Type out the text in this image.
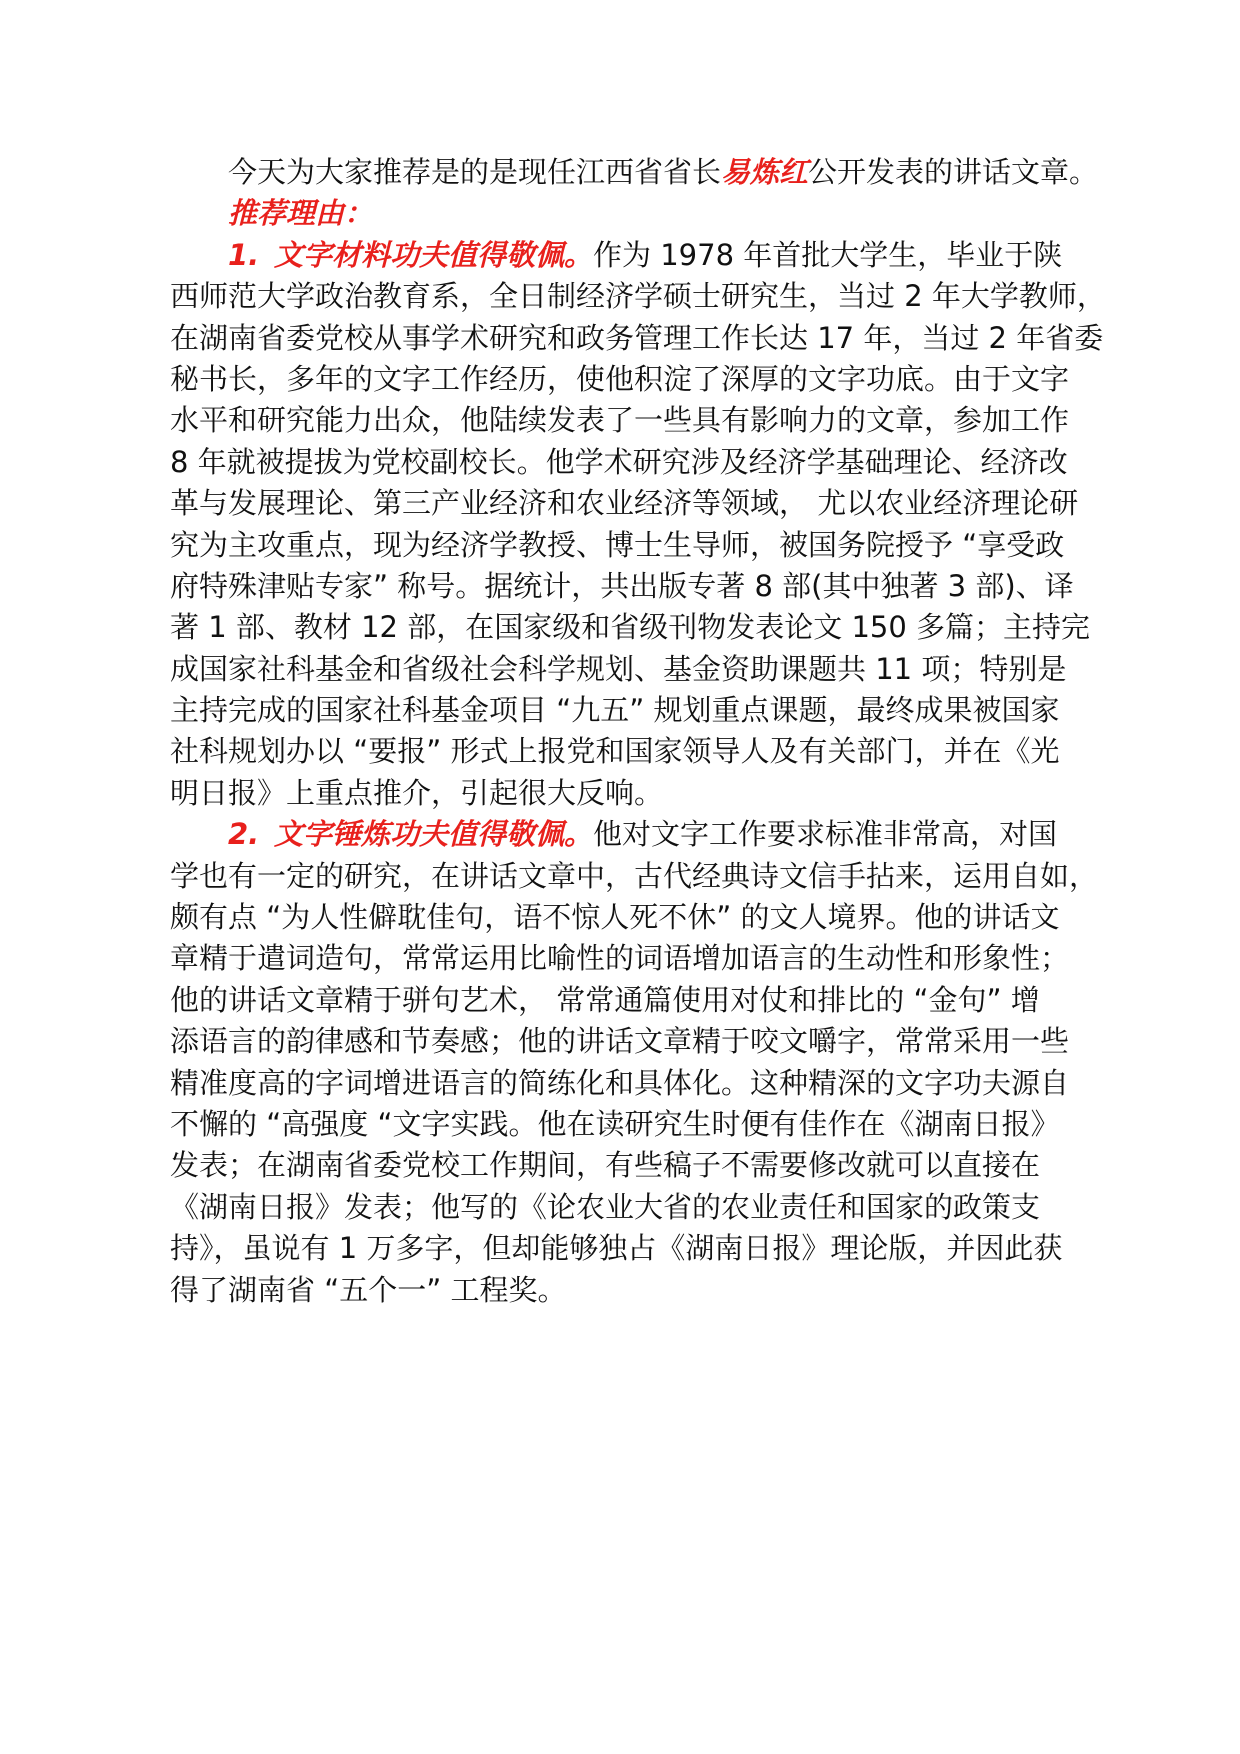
今天为大家推荐是的是现任江西省省长易炼红公开发表的讲话文章。
推荐理由：
1. 文字材料功夫值得敬佩。作为 1978 年首批大学生，毕业于陕
西师范大学政治教育系，全日制经济学硕士研究生，当过 2 年大学教师，
在湖南省委党校从事学术研究和政务管理工作长达 17 年，当过 2 年省委
秘书长，多年的文字工作经历，使他积淀了深厚的文字功底。由于文字
水平和研究能力出众，他陆续发表了一些具有影响力的文章，参加工作
8 年就被提拔为党校副校长。他学术研究涉及经济学基础理论、经济改
革与发展理论、第三产业经济和农业经济等领域， 尤以农业经济理论研
究为主攻重点，现为经济学教授、博士生导师，被国务院授予 “享受政
府特殊津贴专家” 称号。据统计，共出版专著 8 部(其中独著 3 部)、译
著 1 部、教材 12 部，在国家级和省级刊物发表论文 150 多篇；主持完
成国家社科基金和省级社会科学规划、基金资助课题共 11 项；特别是
主持完成的国家社科基金项目 “九五” 规划重点课题，最终成果被国家
社科规划办以 “要报” 形式上报党和国家领导人及有关部门，并在《光
明日报》上重点推介，引起很大反响。
2. 文字锤炼功夫值得敬佩。他对文字工作要求标准非常高，对国
学也有一定的研究，在讲话文章中，古代经典诗文信手拈来，运用自如，
颇有点 “为人性僻耽佳句，语不惊人死不休” 的文人境界。他的讲话文
章精于遣词造句，常常运用比喻性的词语增加语言的生动性和形象性；
他的讲话文章精于骈句艺术， 常常通篇使用对仗和排比的 “金句” 增
添语言的韵律感和节奏感；他的讲话文章精于咬文嚼字，常常采用一些
精准度高的字词增进语言的简练化和具体化。这种精深的文字功夫源自
不懈的 “高强度 “文字实践。他在读研究生时便有佳作在《湖南日报》
发表；在湖南省委党校工作期间，有些稿子不需要修改就可以直接在
《湖南日报》发表；他写的《论农业大省的农业责任和国家的政策支
持》，虽说有 1 万多字，但却能够独占《湖南日报》理论版，并因此获
得了湖南省 “五个一” 工程奖。
